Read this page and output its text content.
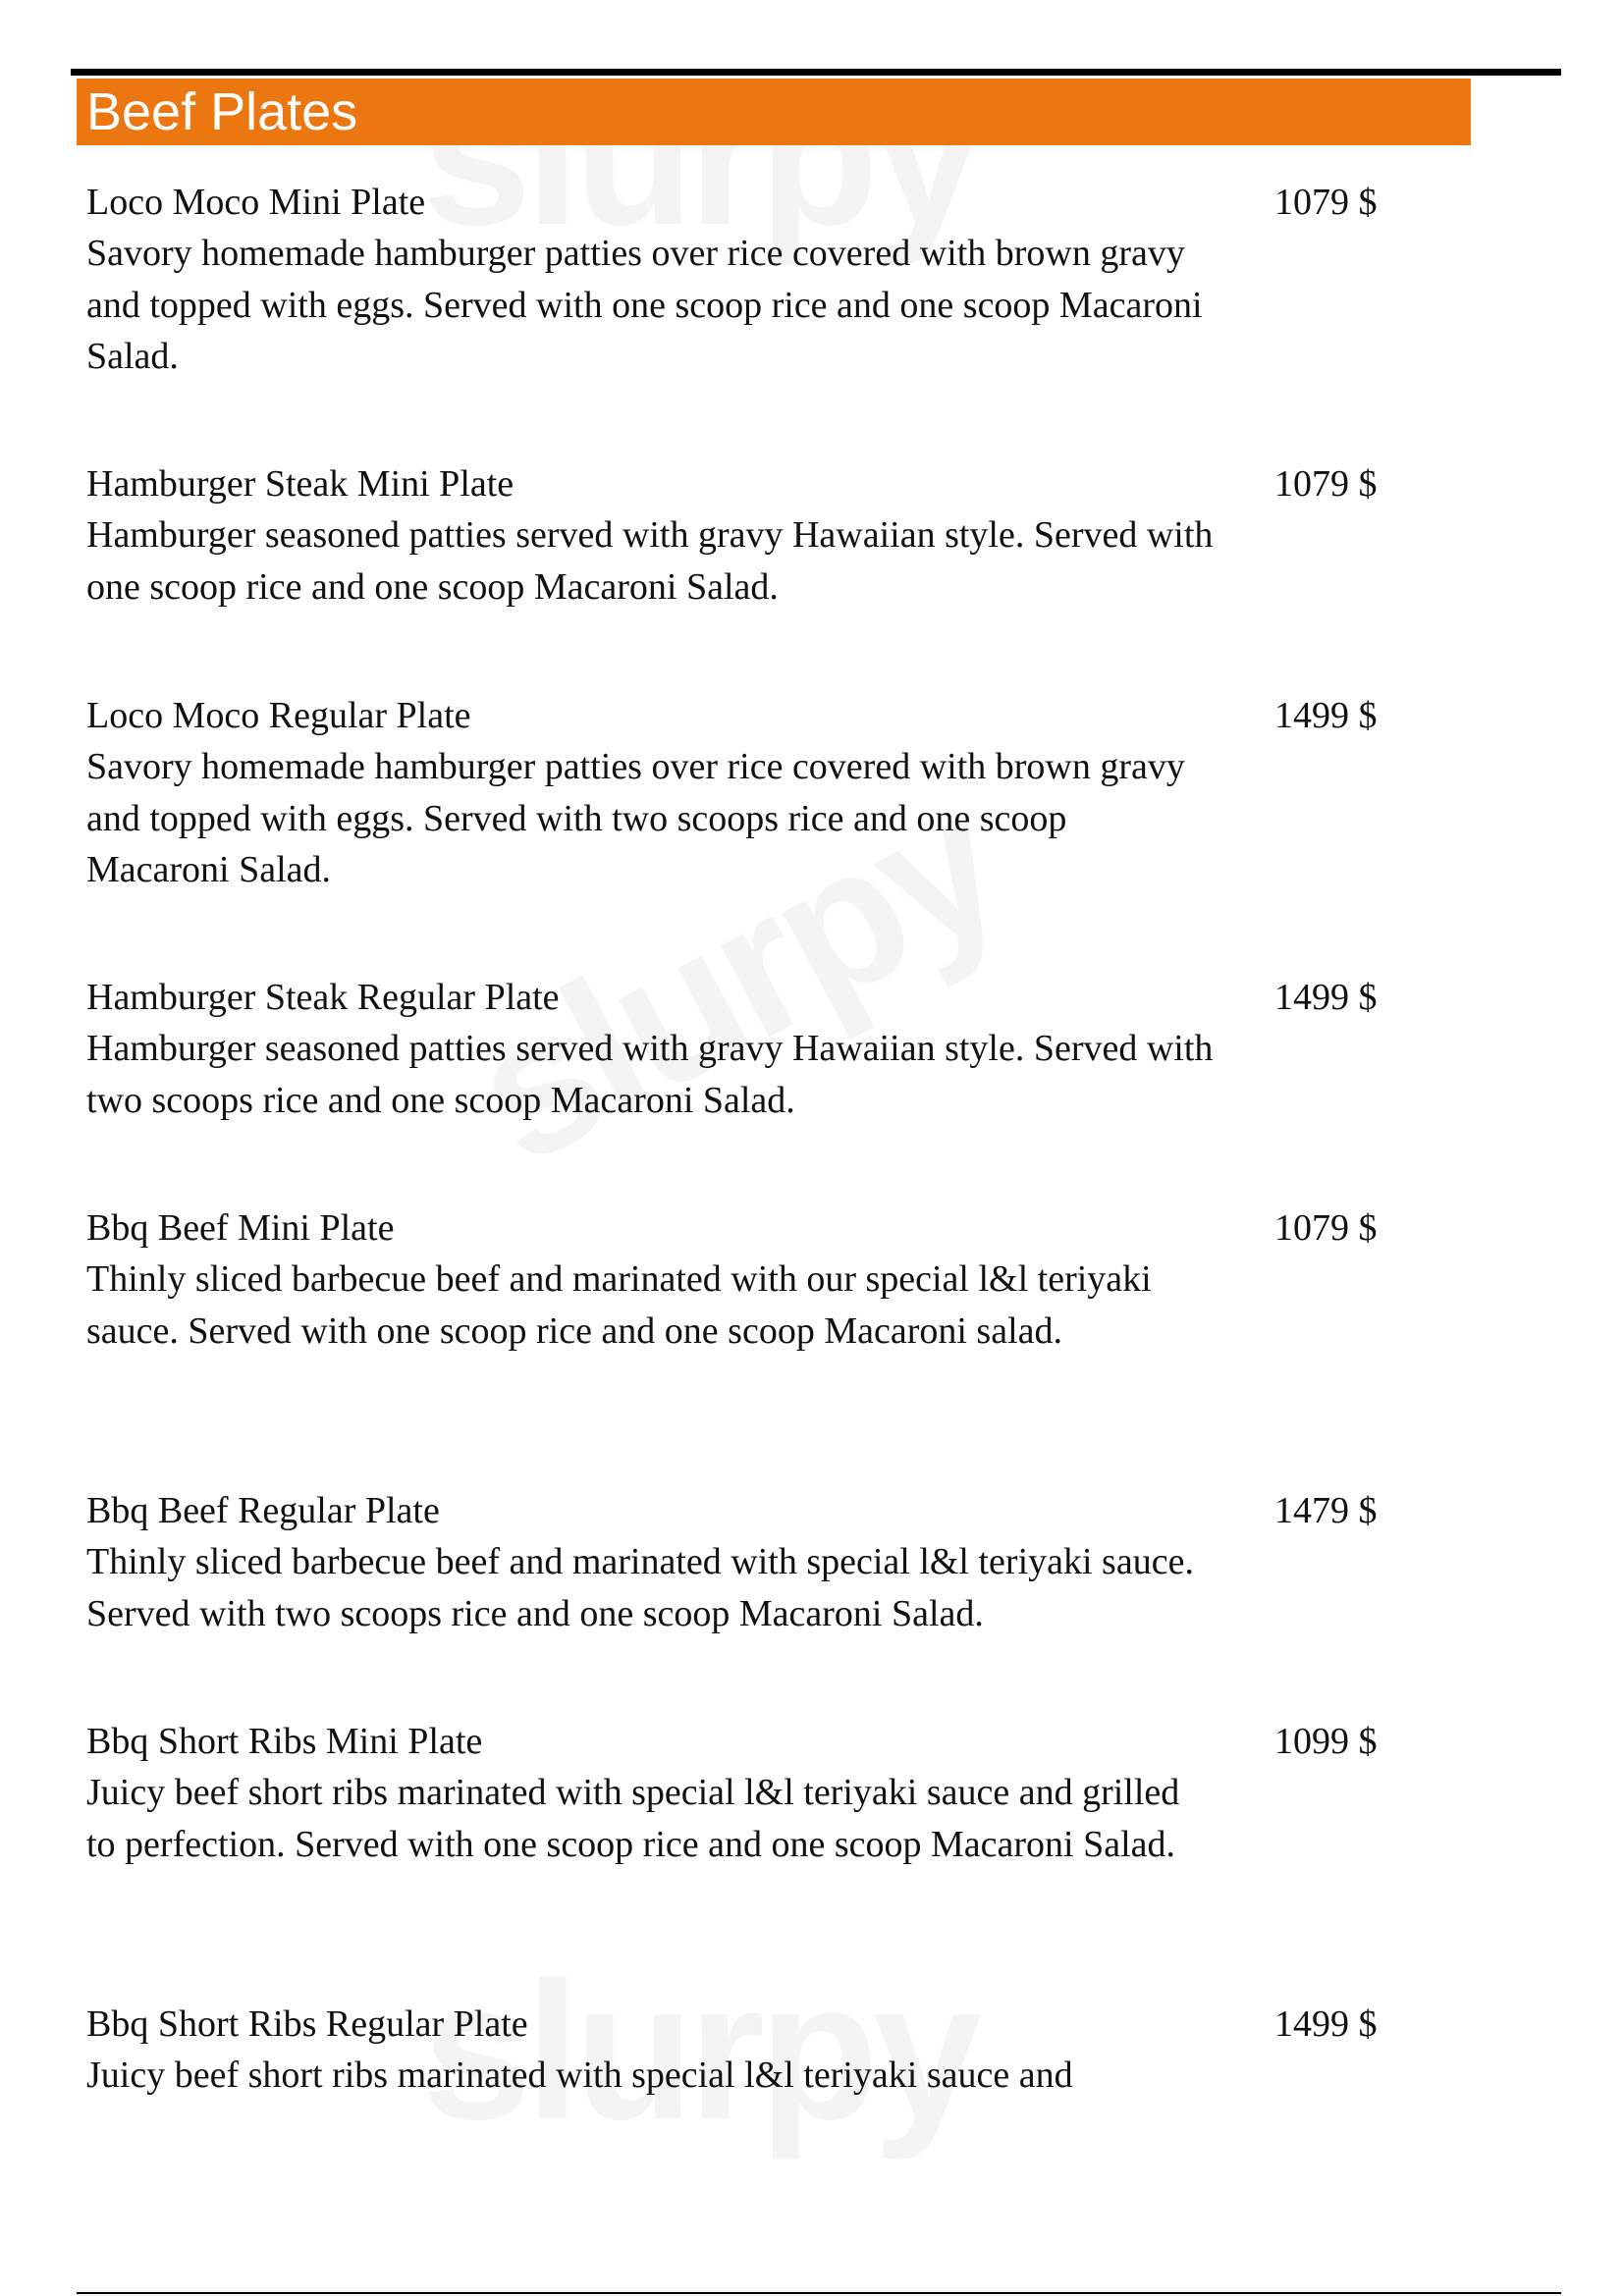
Beef Plates
Loco Moco Mini Plate
Savory homemade hamburger patties over rice covered with brown gravy and topped with eggs. Served with one scoop rice and one scoop Macaroni Salad.
1079 $
Hamburger Steak Mini Plate
Hamburger seasoned patties served with gravy Hawaiian style. Served with one scoop rice and one scoop Macaroni Salad.
1079 $
Loco Moco Regular Plate
Savory homemade hamburger patties over rice covered with brown gravy and topped with eggs. Served with two scoops rice and one scoop Macaroni Salad.
1499 $
Hamburger Steak Regular Plate
Hamburger seasoned patties served with gravy Hawaiian style. Served with two scoops rice and one scoop Macaroni Salad.
1499 $
Bbq Beef Mini Plate
Thinly sliced barbecue beef and marinated with our special l&l teriyaki sauce. Served with one scoop rice and one scoop Macaroni salad.
1079 $
Bbq Beef Regular Plate
Thinly sliced barbecue beef and marinated with special l&l teriyaki sauce. Served with two scoops rice and one scoop Macaroni Salad.
1479 $
Bbq Short Ribs Mini Plate
Juicy beef short ribs marinated with special l&l teriyaki sauce and grilled to perfection. Served with one scoop rice and one scoop Macaroni Salad.
1099 $
Bbq Short Ribs Regular Plate
Juicy beef short ribs marinated with special l&l teriyaki sauce and
1499 $
